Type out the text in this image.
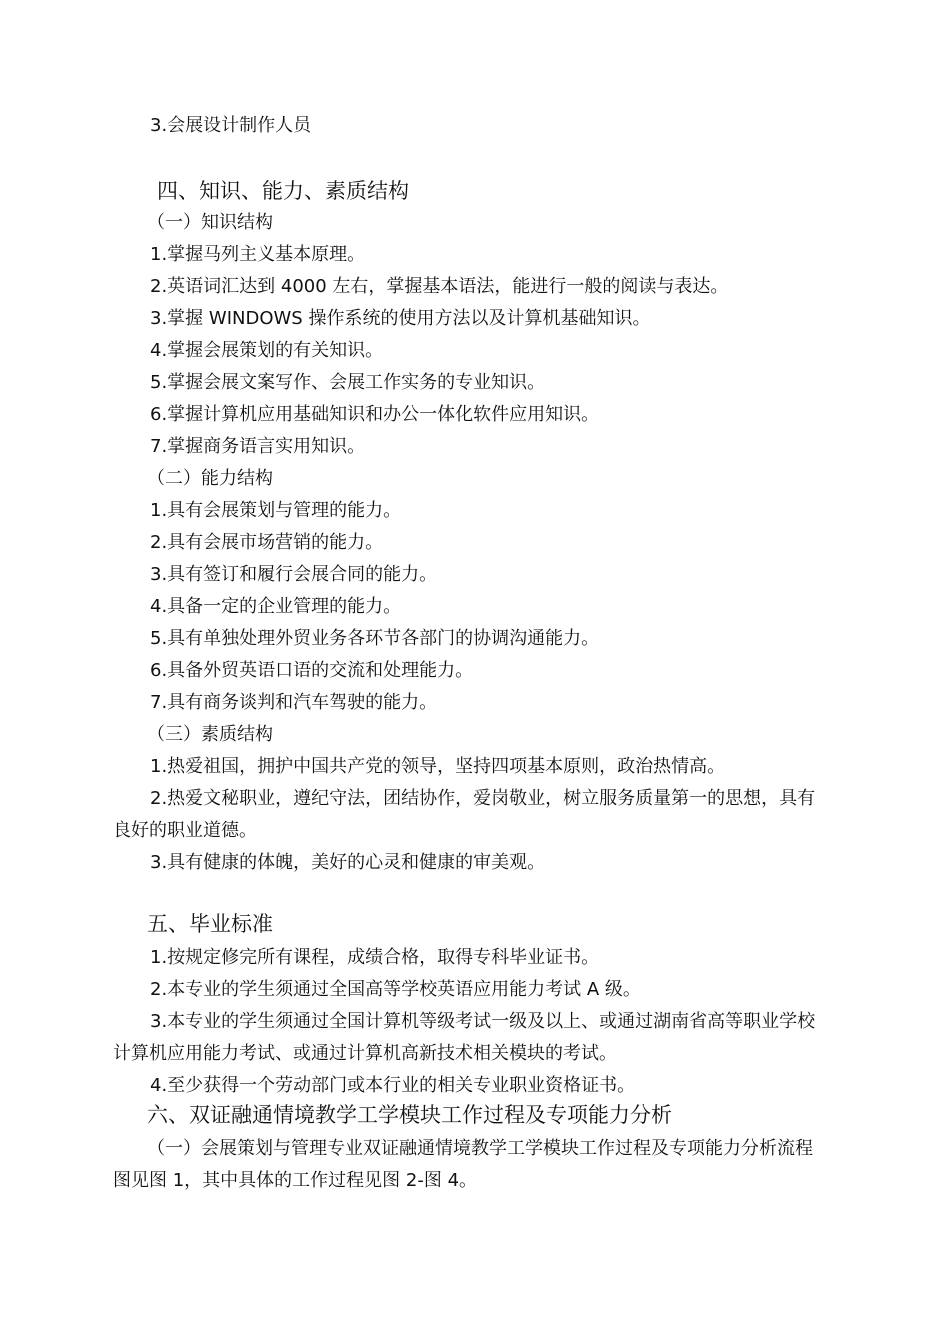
3.会展设计制作人员
四、知识、能力、素质结构
（一）知识结构
1.掌握马列主义基本原理。
2.英语词汇达到 4000 左右，掌握基本语法，能进行一般的阅读与表达。
3.掌握 WINDOWS 操作系统的使用方法以及计算机基础知识。
4.掌握会展策划的有关知识。
5.掌握会展文案写作、会展工作实务的专业知识。
6.掌握计算机应用基础知识和办公一体化软件应用知识。
7.掌握商务语言实用知识。
（二）能力结构
1.具有会展策划与管理的能力。
2.具有会展市场营销的能力。
3.具有签订和履行会展合同的能力。
4.具备一定的企业管理的能力。
5.具有单独处理外贸业务各环节各部门的协调沟通能力。
6.具备外贸英语口语的交流和处理能力。
7.具有商务谈判和汽车驾驶的能力。
（三）素质结构
1.热爱祖国，拥护中国共产党的领导，坚持四项基本原则，政治热情高。
2.热爱文秘职业，遵纪守法，团结协作，爱岗敬业，树立服务质量第一的思想，具有
良好的职业道德。
3.具有健康的体魄，美好的心灵和健康的审美观。
五、毕业标准
1.按规定修完所有课程，成绩合格，取得专科毕业证书。
2.本专业的学生须通过全国高等学校英语应用能力考试 A 级。
3.本专业的学生须通过全国计算机等级考试一级及以上、或通过湖南省高等职业学校
计算机应用能力考试、或通过计算机高新技术相关模块的考试。
4.至少获得一个劳动部门或本行业的相关专业职业资格证书。
六、双证融通情境教学工学模块工作过程及专项能力分析
（一）会展策划与管理专业双证融通情境教学工学模块工作过程及专项能力分析流程
图见图 1，其中具体的工作过程见图 2-图 4。
